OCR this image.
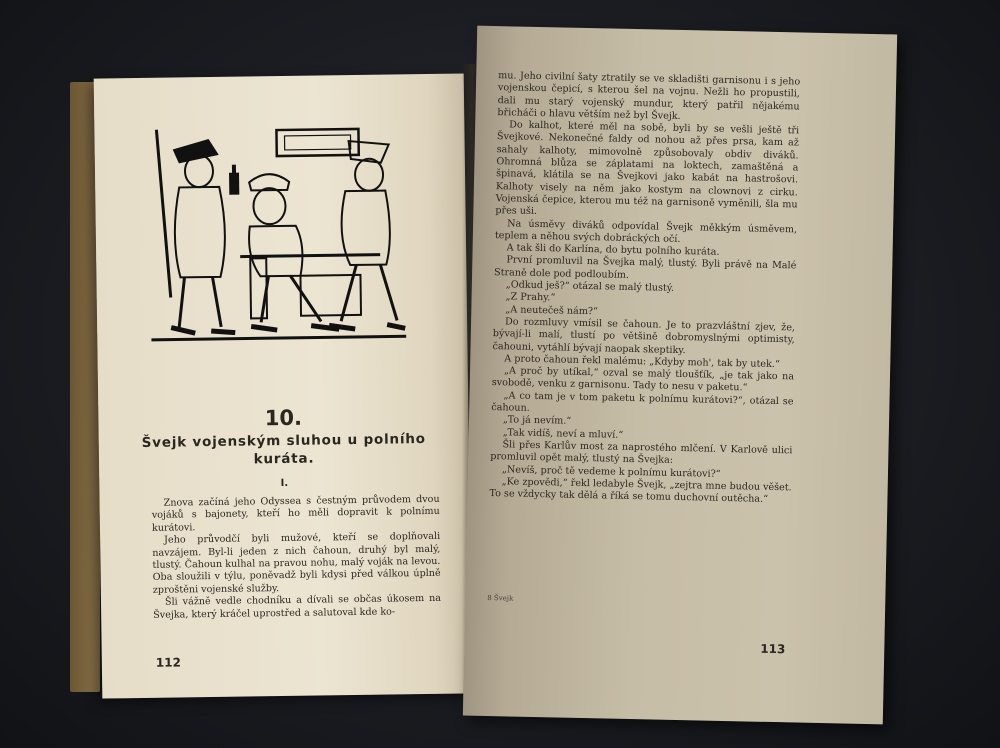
10.
Švejk vojenským sluhou u polního kuráta.
I.

Znova začíná jeho Odyssea s čestným průvodem dvou vojáků s bajonety, kteří ho měli dopravit k polnímu kurátovi.

Jeho průvodčí byli mužové, kteří se doplňovali navzájem. Byl-li jeden z nich čahoun, druhý byl malý, tlustý. Čahoun kulhal na pravou nohu, malý voják na levou. Oba sloužili v týlu, poněvadž byli kdysi před válkou úplně zproštěni vojenské služby.

Šli vážně vedle chodníku a dívali se občas úkosem na Švejka, který kráčel uprostřed a salutoval kde ko-

112

mu. Jeho civilní šaty ztratily se ve skladišti garnisonu i s jeho vojenskou čepicí, s kterou šel na vojnu. Nežli ho propustili, dali mu starý vojenský mundur, který patřil nějakému břicháči o hlavu větším než byl Švejk.

Do kalhot, které měl na sobě, byli by se vešli ještě tři Švejkové. Nekonečné faldy od nohou až přes prsa, kam až sahaly kalhoty, mimovolně způsobovaly obdiv diváků. Ohromná blůza se záplatami na loktech, zamaštěná a špinavá, klátila se na Švejkovi jako kabát na hastrošovi. Kalhoty visely na něm jako kostym na clownovi z cirku. Vojenská čepice, kterou mu též na garnisoně vyměnili, šla mu přes uši.

Na úsměvy diváků odpovídal Švejk měkkým úsměvem, teplem a něhou svých dobráckých očí.

A tak šli do Karlína, do bytu polního kuráta.

První promluvil na Švejka malý, tlustý. Byli právě na Malé Straně dole pod podloubím.

„Odkud ješ?“ otázal se malý tlustý.

„Z Prahy.“

„A neutečeš nám?“

Do rozmluvy vmísil se čahoun. Je to prazvláštní zjev, že, bývají-li malí, tlustí po většině dobromyslnými optimisty, čahouni, vytáhlí bývají naopak skeptiky.

A proto čahoun řekl malému: „Kdyby moh', tak by utek.“

„A proč by utíkal,“ ozval se malý tloušťík, „je tak jako na svobodě, venku z garnisonu. Tady to nesu v paketu.“

„A co tam je v tom paketu k polnímu kurátovi?“, otázal se čahoun.

„To já nevím.“

„Tak vidíš, neví a mluví.“

Šli přes Karlův most za naprostého mlčení. V Karlově ulici promluvil opět malý, tlustý na Švejka:

„Nevíš, proč tě vedeme k polnímu kurátovi?“

„Ke zpovědi,“ řekl ledabyle Švejk, „zejtra mne budou věšet. To se vždycky tak dělá a říká se tomu duchovní outěcha.“

8 Švejk
113
